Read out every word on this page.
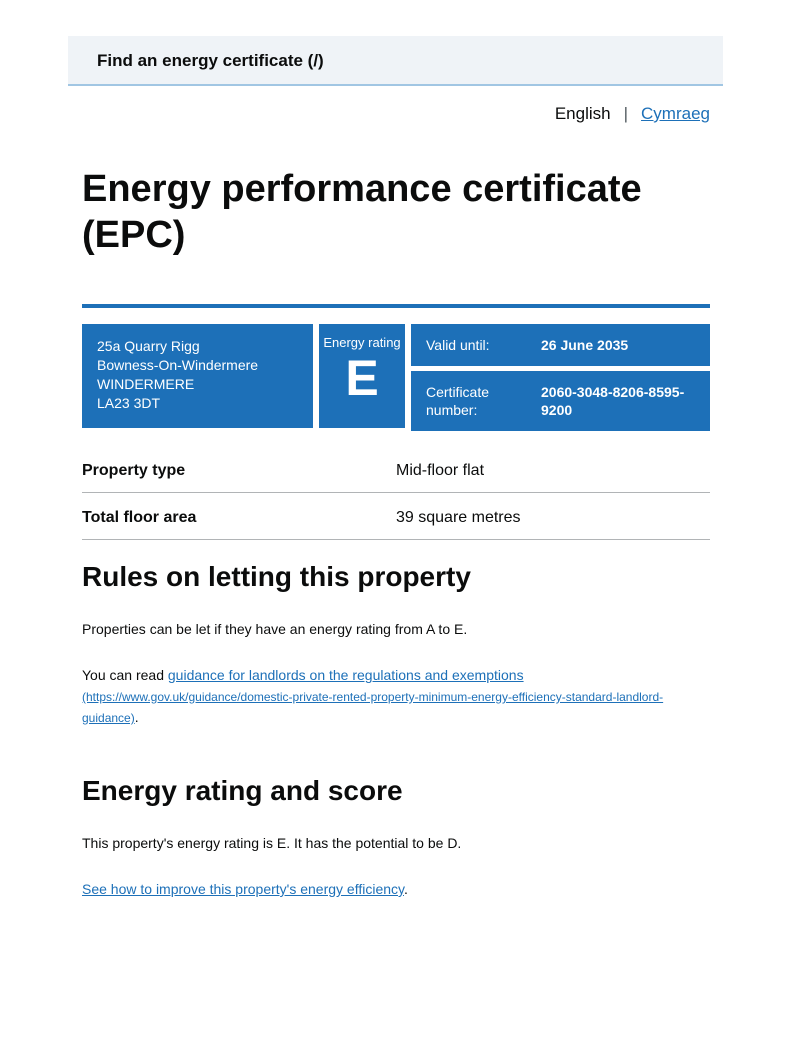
Find an energy certificate (/)
English | Cymraeg
Energy performance certificate (EPC)
25a Quarry Rigg
Bowness-On-Windermere
WINDERMERE
LA23 3DT
Energy rating
E
Valid until:	26 June 2035
Certificate number:
2060-3048-8206-8595-9200
Property type	Mid-floor flat
Total floor area	39 square metres
Rules on letting this property

Properties can be let if they have an energy rating from A to E.

You can read guidance for landlords on the regulations and exemptions (https://www.gov.uk/guidance/domestic-private-rented-property-minimum-energy-efficiency-standard-landlord-guidance).

Energy rating and score

This property's energy rating is E. It has the potential to be D.

See how to improve this property's energy efficiency.
